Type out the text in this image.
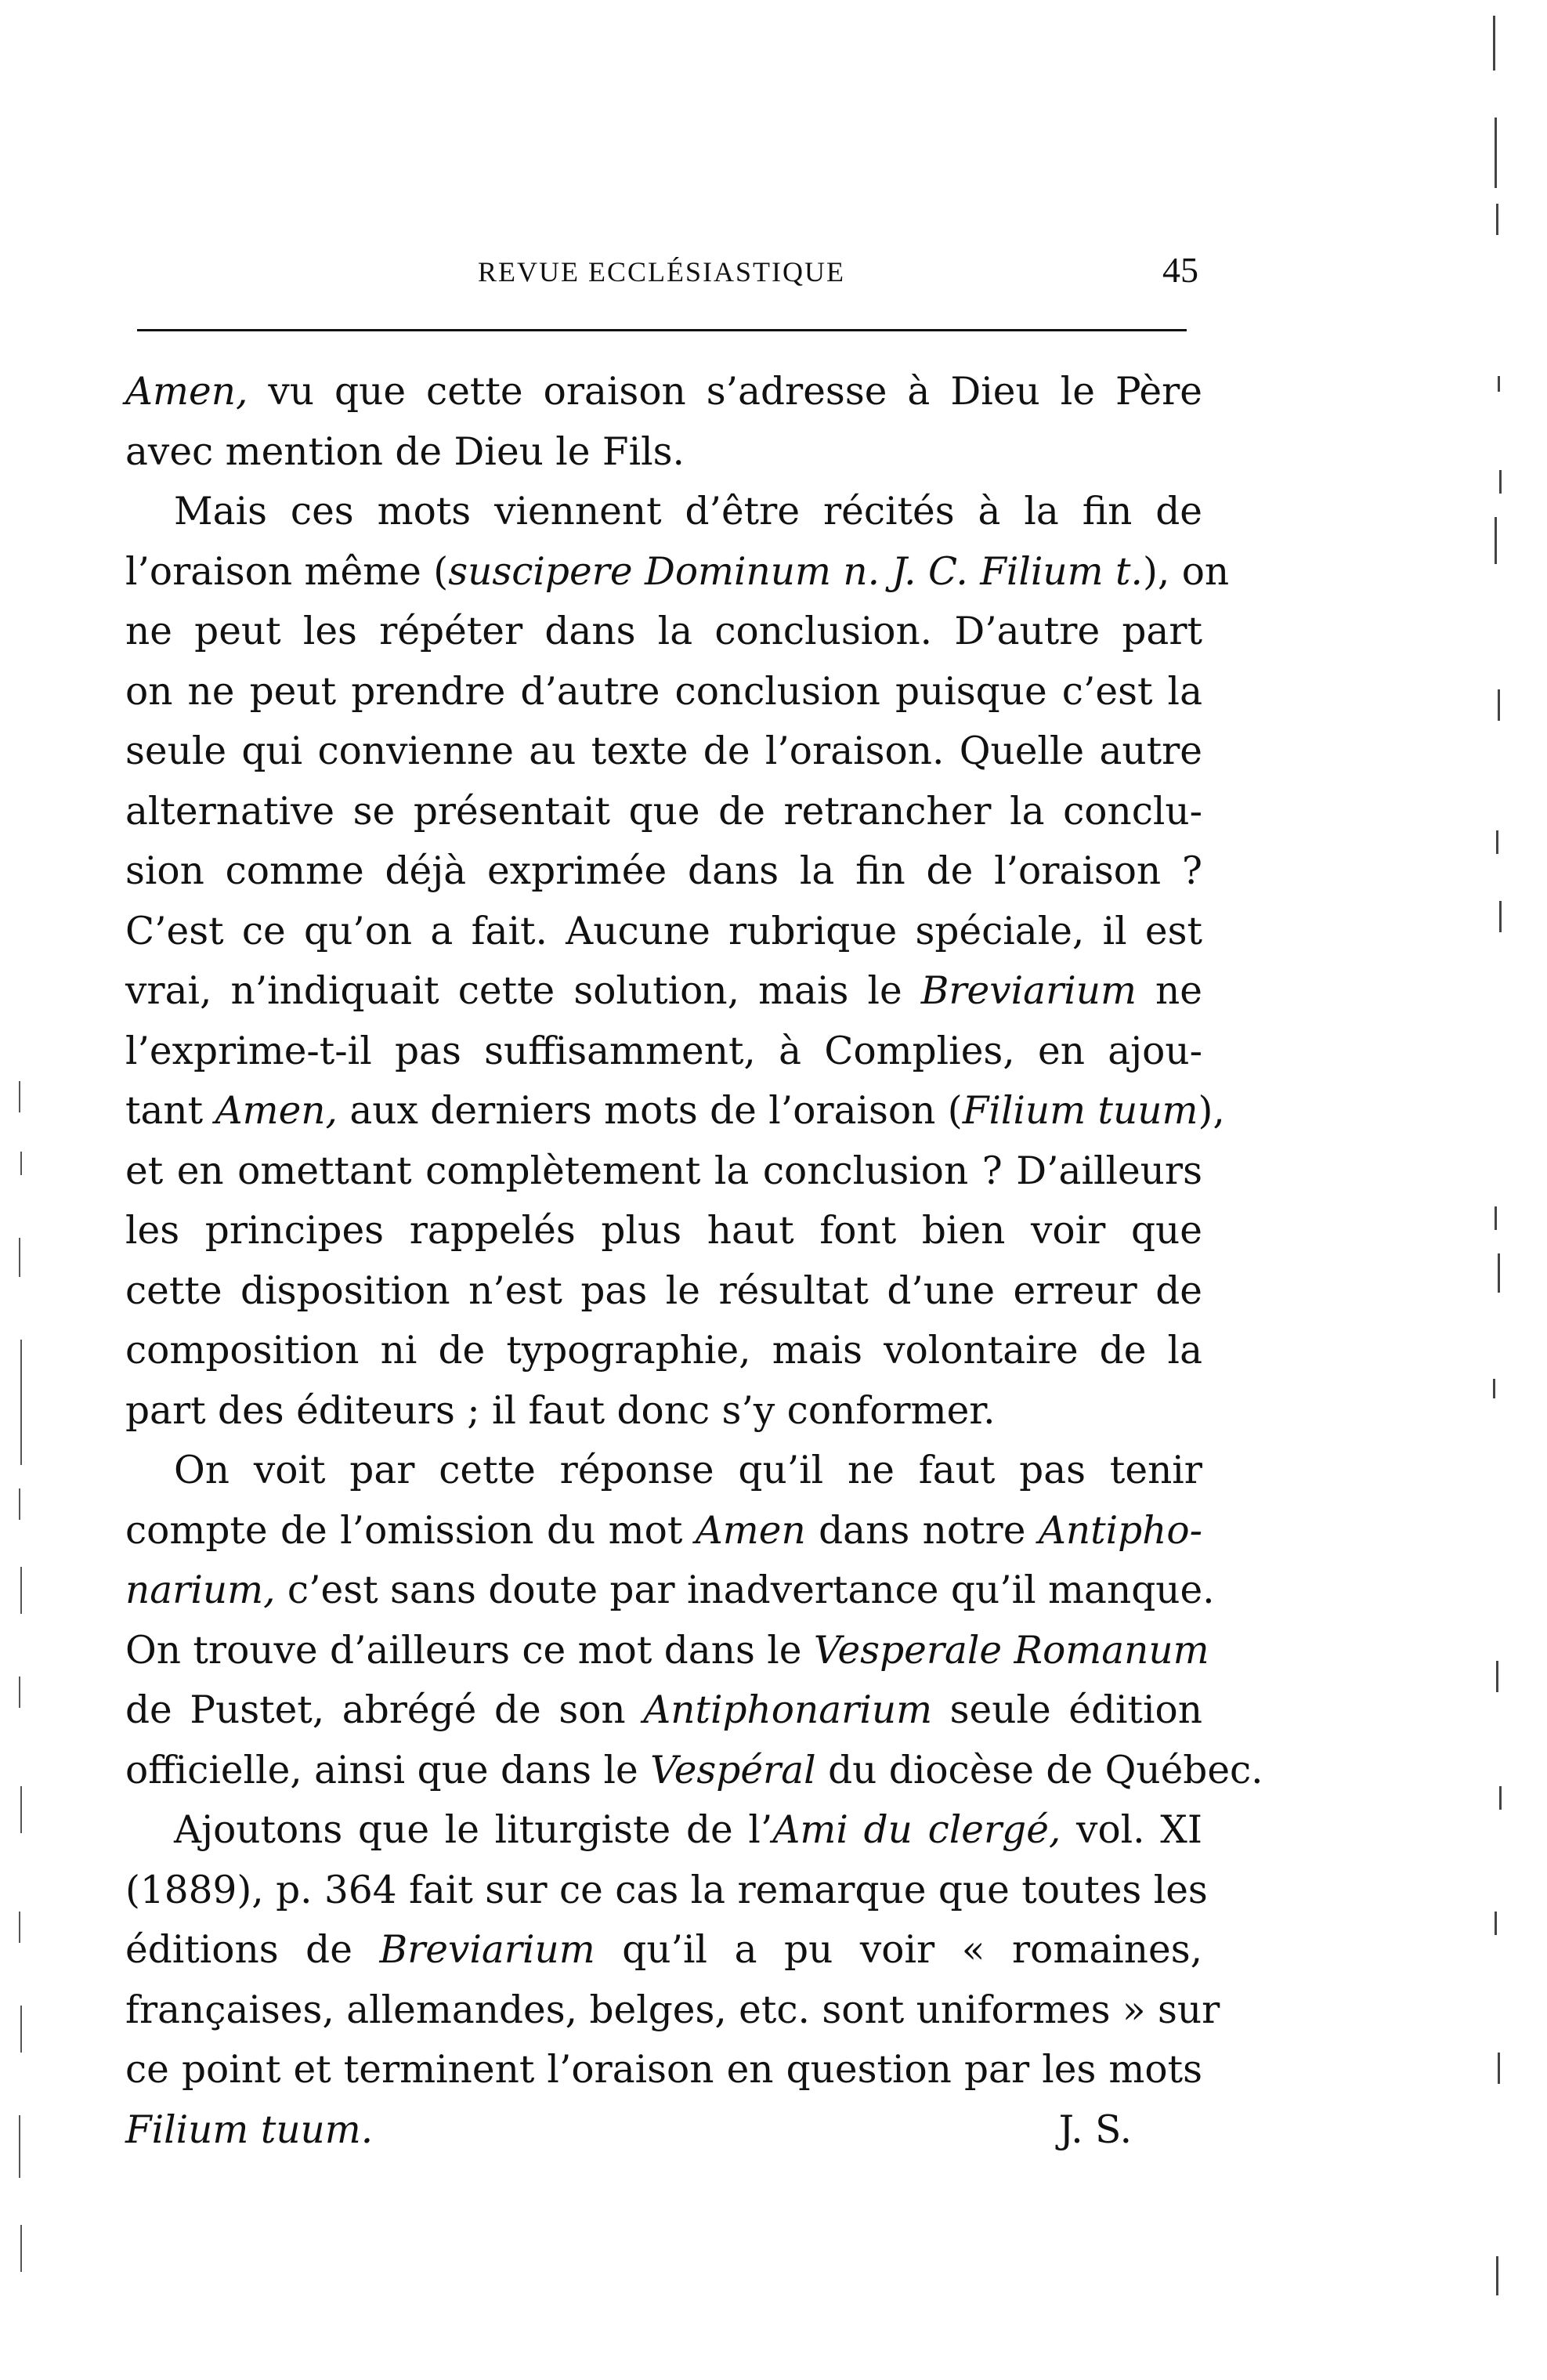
REVUE ECCLÉSIASTIQUE	45
Amen, vu que cette oraison s’adresse à Dieu le Père
avec mention de Dieu le Fils.
Mais ces mots viennent d’être récités à la fin de
l’oraison même (suscipere Dominum n. J. C. Filium t.), on
ne peut les répéter dans la conclusion. D’autre part
on ne peut prendre d’autre conclusion puisque c’est la
seule qui convienne au texte de l’oraison. Quelle autre
alternative se présentait que de retrancher la conclu-
sion comme déjà exprimée dans la fin de l’oraison ?
C’est ce qu’on a fait. Aucune rubrique spéciale, il est
vrai, n’indiquait cette solution, mais le Breviarium ne
l’exprime-t-il pas suffisamment, à Complies, en ajou-
tant Amen, aux derniers mots de l’oraison (Filium tuum),
et en omettant complètement la conclusion ? D’ailleurs
les principes rappelés plus haut font bien voir que
cette disposition n’est pas le résultat d’une erreur de
composition ni de typographie, mais volontaire de la
part des éditeurs ; il faut donc s’y conformer.
On voit par cette réponse qu’il ne faut pas tenir
compte de l’omission du mot Amen dans notre Antipho-
narium, c’est sans doute par inadvertance qu’il manque.
On trouve d’ailleurs ce mot dans le Vesperale Romanum
de Pustet, abrégé de son Antiphonarium seule édition
officielle, ainsi que dans le Vespéral du diocèse de Québec.
Ajoutons que le liturgiste de l’Ami du clergé, vol. XI
(1889), p. 364 fait sur ce cas la remarque que toutes les
éditions de Breviarium qu’il a pu voir « romaines,
françaises, allemandes, belges, etc. sont uniformes » sur
ce point et terminent l’oraison en question par les mots
Filium tuum.	J. S.
